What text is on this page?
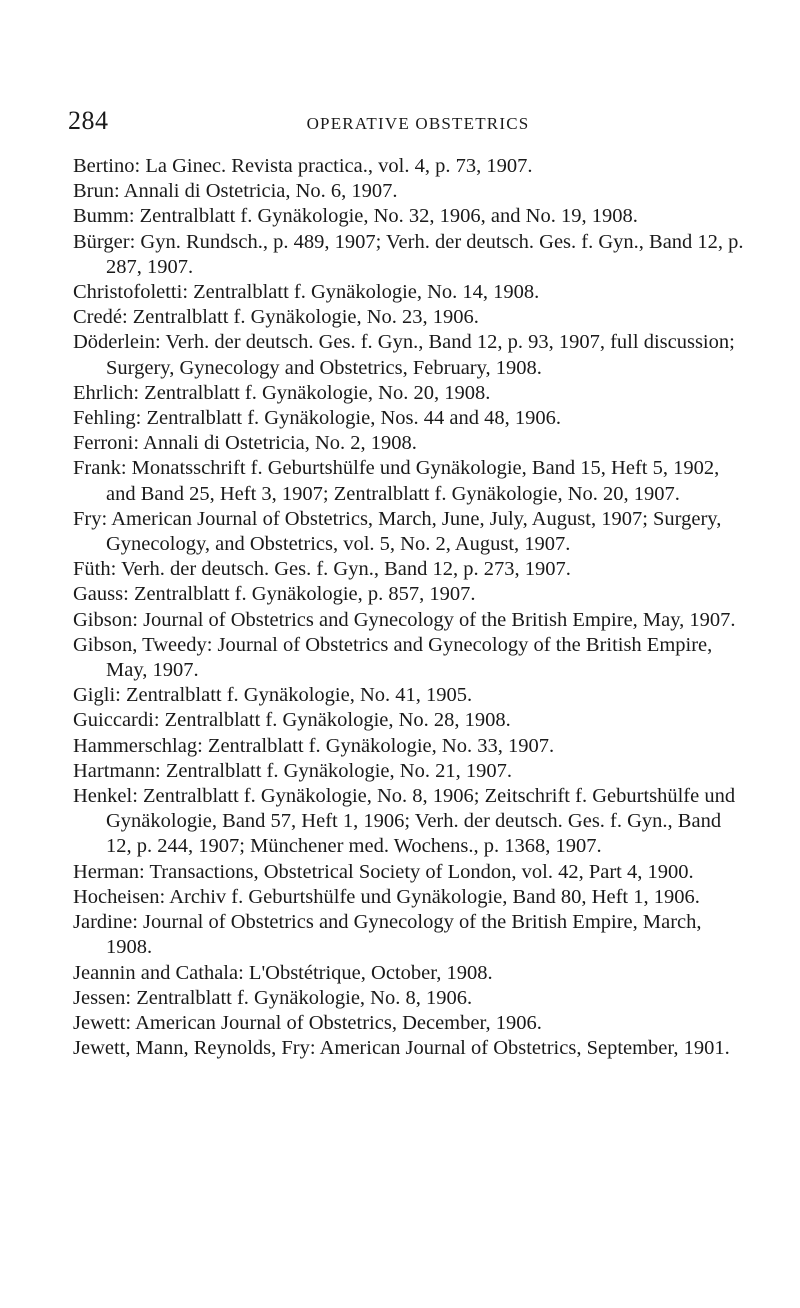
284	OPERATIVE OBSTETRICS
Bertino : La Ginec. Revista practica., vol. 4, p. 73, 1907.
Brun : Annali di Ostetricia, No. 6, 1907.
Bumm : Zentralblatt f. Gynäkologie, No. 32, 1906, and No. 19, 1908.
Bürger : Gyn. Rundsch., p. 489, 1907; Verh. der deutsch. Ges. f. Gyn., Band 12, p. 287, 1907.
Christofoletti : Zentralblatt f. Gynäkologie, No. 14, 1908.
Credé : Zentralblatt f. Gynäkologie, No. 23, 1906.
Döderlein : Verh. der deutsch. Ges. f. Gyn., Band 12, p. 93, 1907, full discussion; Surgery, Gynecology and Obstetrics, February, 1908.
Ehrlich : Zentralblatt f. Gynäkologie, No. 20, 1908.
Fehling : Zentralblatt f. Gynäkologie, Nos. 44 and 48, 1906.
Ferroni : Annali di Ostetricia, No. 2, 1908.
Frank : Monatsschrift f. Geburtshülfe und Gynäkologie, Band 15, Heft 5, 1902, and Band 25, Heft 3, 1907; Zentralblatt f. Gynäkologie, No. 20, 1907.
Fry : American Journal of Obstetrics, March, June, July, August, 1907; Surgery, Gynecology, and Obstetrics, vol. 5, No. 2, August, 1907.
Füth : Verh. der deutsch. Ges. f. Gyn., Band 12, p. 273, 1907.
Gauss : Zentralblatt f. Gynäkologie, p. 857, 1907.
Gibson : Journal of Obstetrics and Gynecology of the British Empire, May, 1907.
Gibson, Tweedy : Journal of Obstetrics and Gynecology of the British Empire, May, 1907.
Gigli : Zentralblatt f. Gynäkologie, No. 41, 1905.
Guiccardi : Zentralblatt f. Gynäkologie, No. 28, 1908.
Hammerschlag : Zentralblatt f. Gynäkologie, No. 33, 1907.
Hartmann : Zentralblatt f. Gynäkologie, No. 21, 1907.
Henkel : Zentralblatt f. Gynäkologie, No. 8, 1906; Zeitschrift f. Geburtshülfe und Gynäkologie, Band 57, Heft 1, 1906; Verh. der deutsch. Ges. f. Gyn., Band 12, p. 244, 1907; Münchener med. Wochens., p. 1368, 1907.
Herman : Transactions, Obstetrical Society of London, vol. 42, Part 4, 1900.
Hocheisen : Archiv f. Geburtshülfe und Gynäkologie, Band 80, Heft 1, 1906.
Jardine : Journal of Obstetrics and Gynecology of the British Empire, March, 1908.
Jeannin and Cathala : L'Obstétrique, October, 1908.
Jessen : Zentralblatt f. Gynäkologie, No. 8, 1906.
Jewett : American Journal of Obstetrics, December, 1906.
Jewett, Mann, Reynolds, Fry : American Journal of Obstetrics, September, 1901.
